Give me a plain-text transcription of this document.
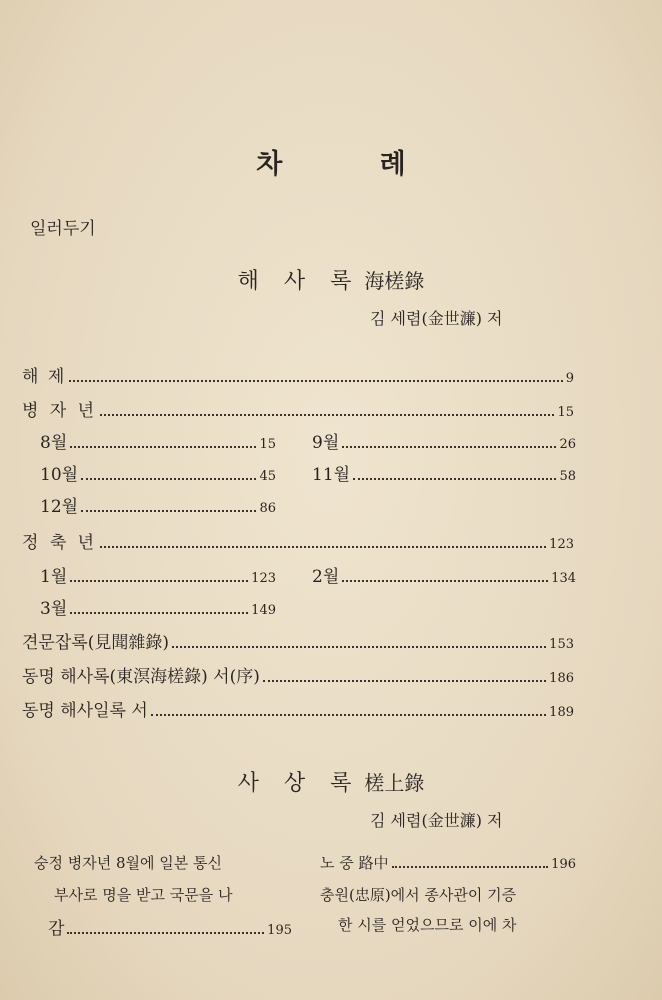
차 례
일러두기
해 사 록 海槎錄
김 세렴(金世濂) 저
해 제	9
병 자 년	15
8월	15 9월	26
10월	45 11월	58
12월	86
정 축 년	123
1월	123 2월	134
3월	149
견문잡록(見聞雜錄)	153
동명 해사록(東溟海槎錄) 서(序)	186
동명 해사일록 서	189
사 상 록 槎上錄
김 세렴(金世濂) 저
숭정 병자년 8월에 일본 통신
부사로 명을 받고 국문을 나
감	195
노 중 路中	196
충원(忠原)에서 종사관이 기증
한 시를 얻었으므로 이에 차
